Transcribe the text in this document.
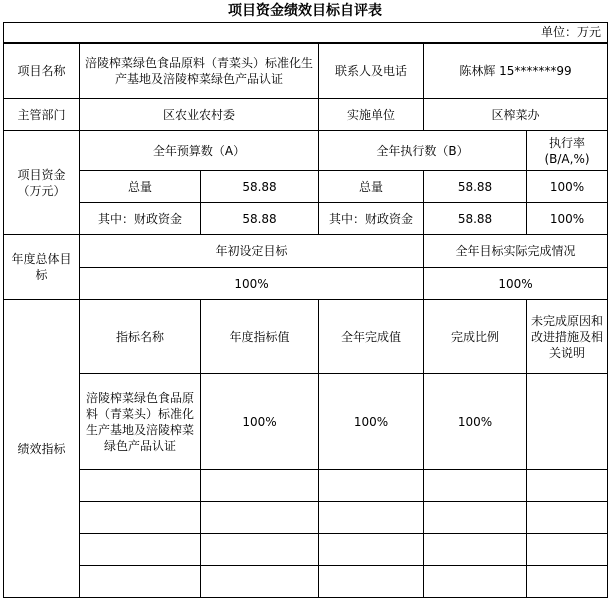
项目资金绩效目标自评表
单位：万元					
项目名称	涪陵榨菜绿色食品原料（青菜头）标准化生产基地及涪陵榨菜绿色产品认证		联系人及电话	陈林辉 15*******99	
主管部门	区农业农村委		实施单位	区榨菜办	
项目资金（万元）	全年预算数（A）		全年执行数（B）		执行率(B/A,%)
	总量	58.88	总量	58.88	100%
	其中：财政资金	58.88	其中：财政资金	58.88	100%
年度总体目标	年初设定目标			全年目标实际完成情况	
	100%			100%	
绩效指标	指标名称	年度指标值	全年完成值	完成比例	未完成原因和改进措施及相关说明
	涪陵榨菜绿色食品原料（青菜头）标准化生产基地及涪陵榨菜绿色产品认证	100%	100%	100%	
